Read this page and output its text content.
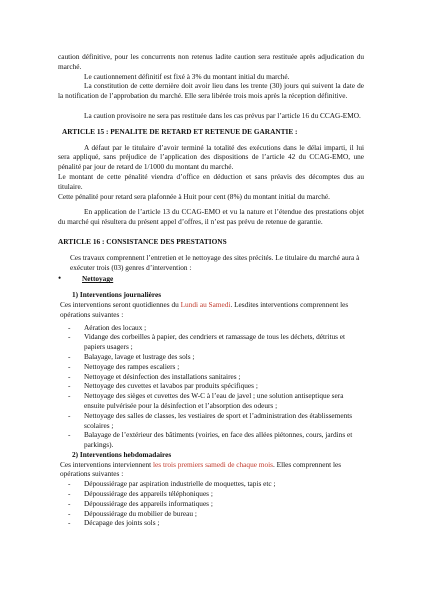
caution définitive, pour les concurrents non retenus ladite caution sera restituée après adjudication du marché.

Le cautionnement définitif est fixé à 3% du montant initial du marché.

La constitution de cette dernière doit avoir lieu dans les trente (30) jours qui suivent la date de la notification de l’approbation du marché. Elle sera libérée trois mois après la réception définitive.

La caution provisoire ne sera pas restituée dans les cas prévus par l’article 16 du CCAG-EMO.

ARTICLE 15 : PENALITE DE RETARD ET RETENUE DE GARANTIE :

A défaut par le titulaire d’avoir terminé la totalité des exécutions dans le délai imparti, il lui sera appliqué, sans préjudice de l’application des dispositions de l’article 42 du CCAG-EMO, une pénalité par jour de retard de 1/1000 du montant du marché.

Le montant de cette pénalité viendra d’office en déduction et sans préavis des décomptes dus au titulaire.

Cette pénalité pour retard sera plafonnée à Huit pour cent (8%) du montant initial du marché.

En application de l’article 13 du CCAG-EMO et vu la nature et l’étendue des prestations objet du marché qui résultera du présent appel d’offres, il n’est pas prévu de retenue de garantie.

ARTICLE 16 : CONSISTANCE DES PRESTATIONS

Ces travaux comprennent l’entretien et le nettoyage des sites précités. Le titulaire du marché aura à exécuter trois (03) genres d’intervention :

•	Nettoyage

1) Interventions journalières

Ces interventions seront quotidiennes du Lundi au Samedi. Lesdites interventions comprennent les opérations suivantes :

-	Aération des locaux ;
-	Vidange des corbeilles à papier, des cendriers et ramassage de tous les déchets, détritus et papiers usagers ;
-	Balayage, lavage et lustrage des sols ;
-	Nettoyage des rampes escaliers ;
-	Nettoyage et désinfection des installations sanitaires ;
-	Nettoyage des cuvettes et lavabos par produits spécifiques ;
-	Nettoyage des sièges et cuvettes des W-C à l’eau de javel ; une solution antiseptique sera ensuite pulvérisée pour la désinfection et l’absorption des odeurs ;
-	Nettoyage des salles de classes, les vestiaires de sport et l’administration des établissements scolaires ;
-	Balayage de l’extérieur des bâtiments (voiries, en face des allées piétonnes, cours, jardins et parkings).

2) Interventions hebdomadaires

Ces interventions interviennent les trois premiers samedi de chaque mois. Elles comprennent les opérations suivantes :

-	Dépoussiérage par aspiration industrielle de moquettes, tapis etc ;
-	Dépoussiérage des appareils téléphoniques ;
-	Dépoussiérage des appareils informatiques ;
-	Dépoussiérage du mobilier de bureau ;
-	Décapage des joints sols ;
